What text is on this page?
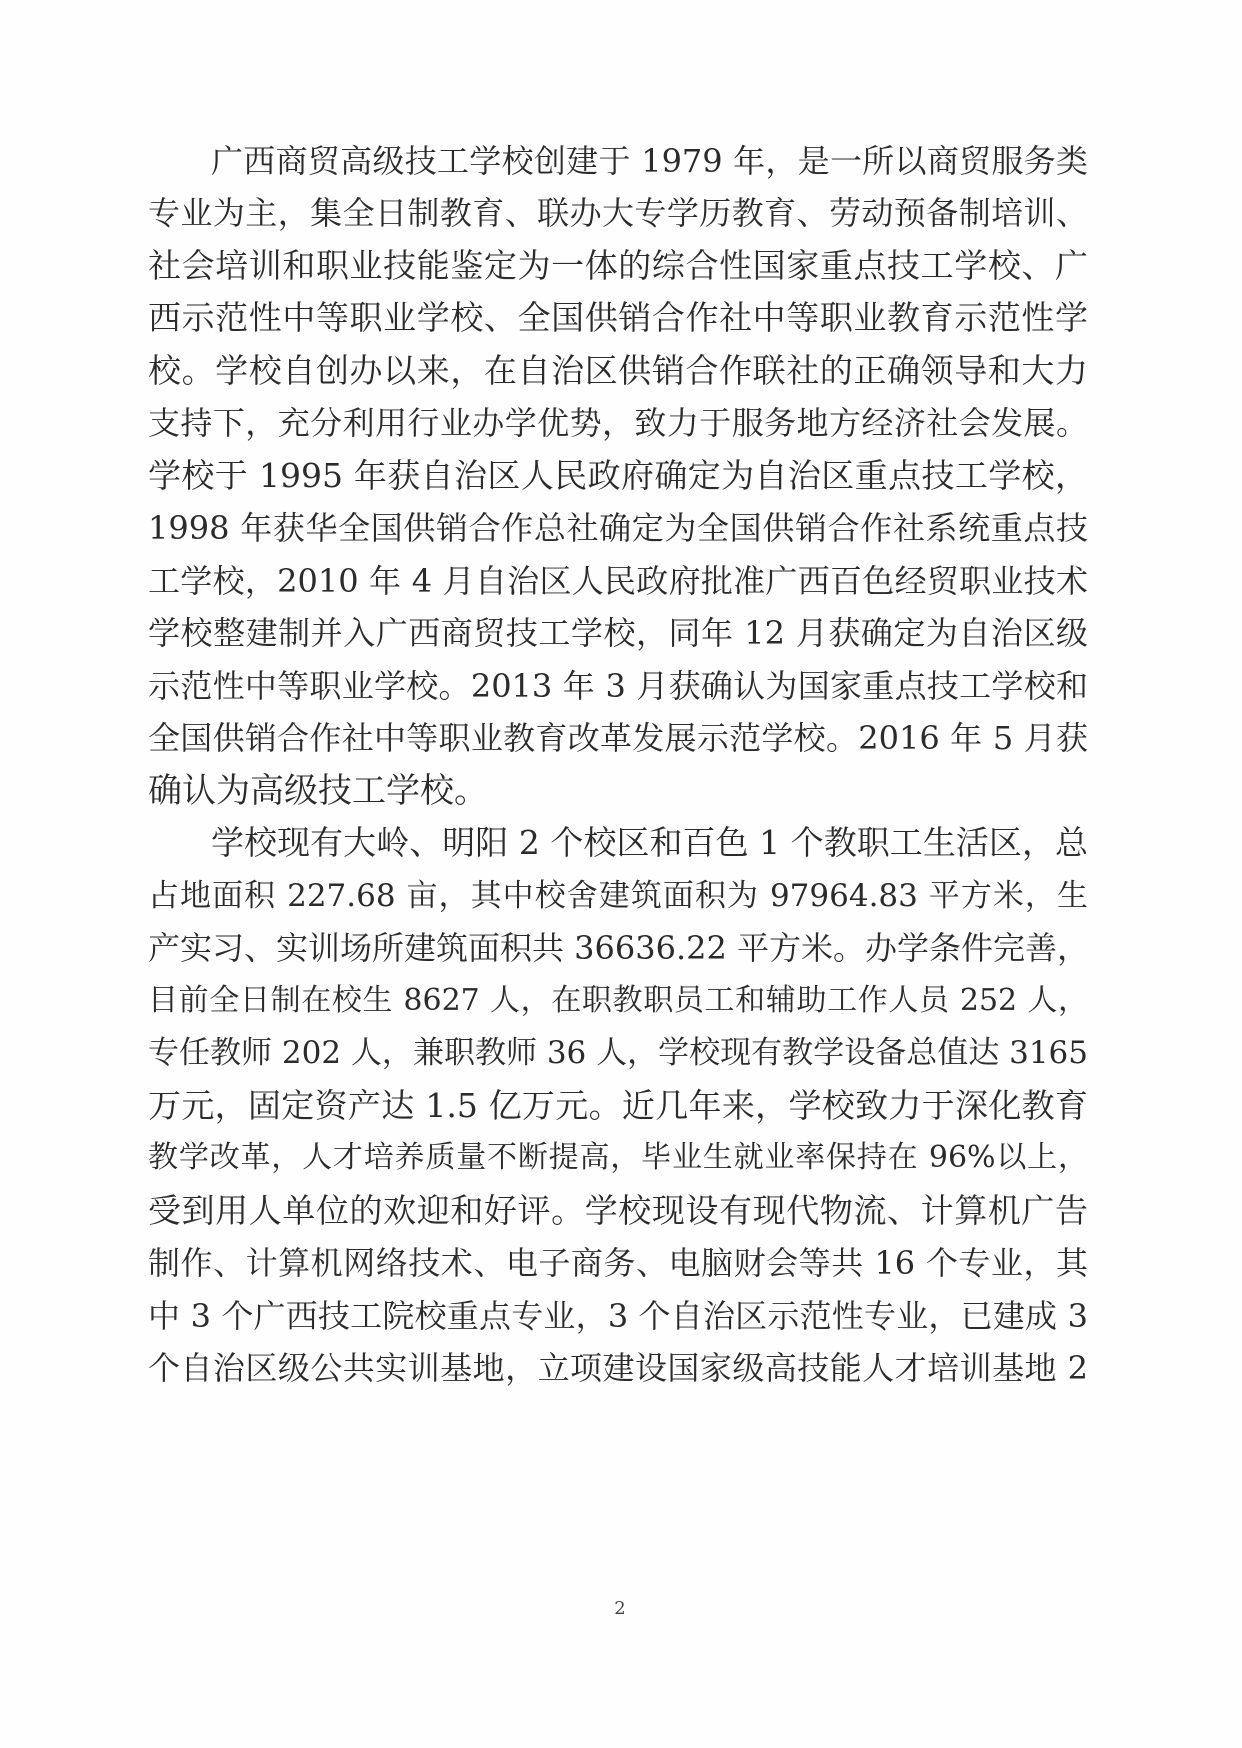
广西商贸高级技工学校创建于 1979 年，是一所以商贸服务类
专业为主，集全日制教育、联办大专学历教育、劳动预备制培训、
社会培训和职业技能鉴定为一体的综合性国家重点技工学校、广
西示范性中等职业学校、全国供销合作社中等职业教育示范性学
校。学校自创办以来，在自治区供销合作联社的正确领导和大力
支持下，充分利用行业办学优势，致力于服务地方经济社会发展。
学校于 1995 年获自治区人民政府确定为自治区重点技工学校，
1998 年获华全国供销合作总社确定为全国供销合作社系统重点技
工学校，2010 年 4 月自治区人民政府批准广西百色经贸职业技术
学校整建制并入广西商贸技工学校，同年 12 月获确定为自治区级
示范性中等职业学校。2013 年 3 月获确认为国家重点技工学校和
全国供销合作社中等职业教育改革发展示范学校。2016 年 5 月获
确认为高级技工学校。
学校现有大岭、明阳 2 个校区和百色 1 个教职工生活区，总
占地面积 227.68 亩，其中校舍建筑面积为 97964.83 平方米，生
产实习、实训场所建筑面积共 36636.22 平方米。办学条件完善，
目前全日制在校生 8627 人，在职教职员工和辅助工作人员 252 人，
专任教师 202 人，兼职教师 36 人，学校现有教学设备总值达 3165
万元，固定资产达 1.5 亿万元。近几年来，学校致力于深化教育
教学改革，人才培养质量不断提高，毕业生就业率保持在 96%以上，
受到用人单位的欢迎和好评。学校现设有现代物流、计算机广告
制作、计算机网络技术、电子商务、电脑财会等共 16 个专业，其
中 3 个广西技工院校重点专业，3 个自治区示范性专业，已建成 3
个自治区级公共实训基地，立项建设国家级高技能人才培训基地 2
2
